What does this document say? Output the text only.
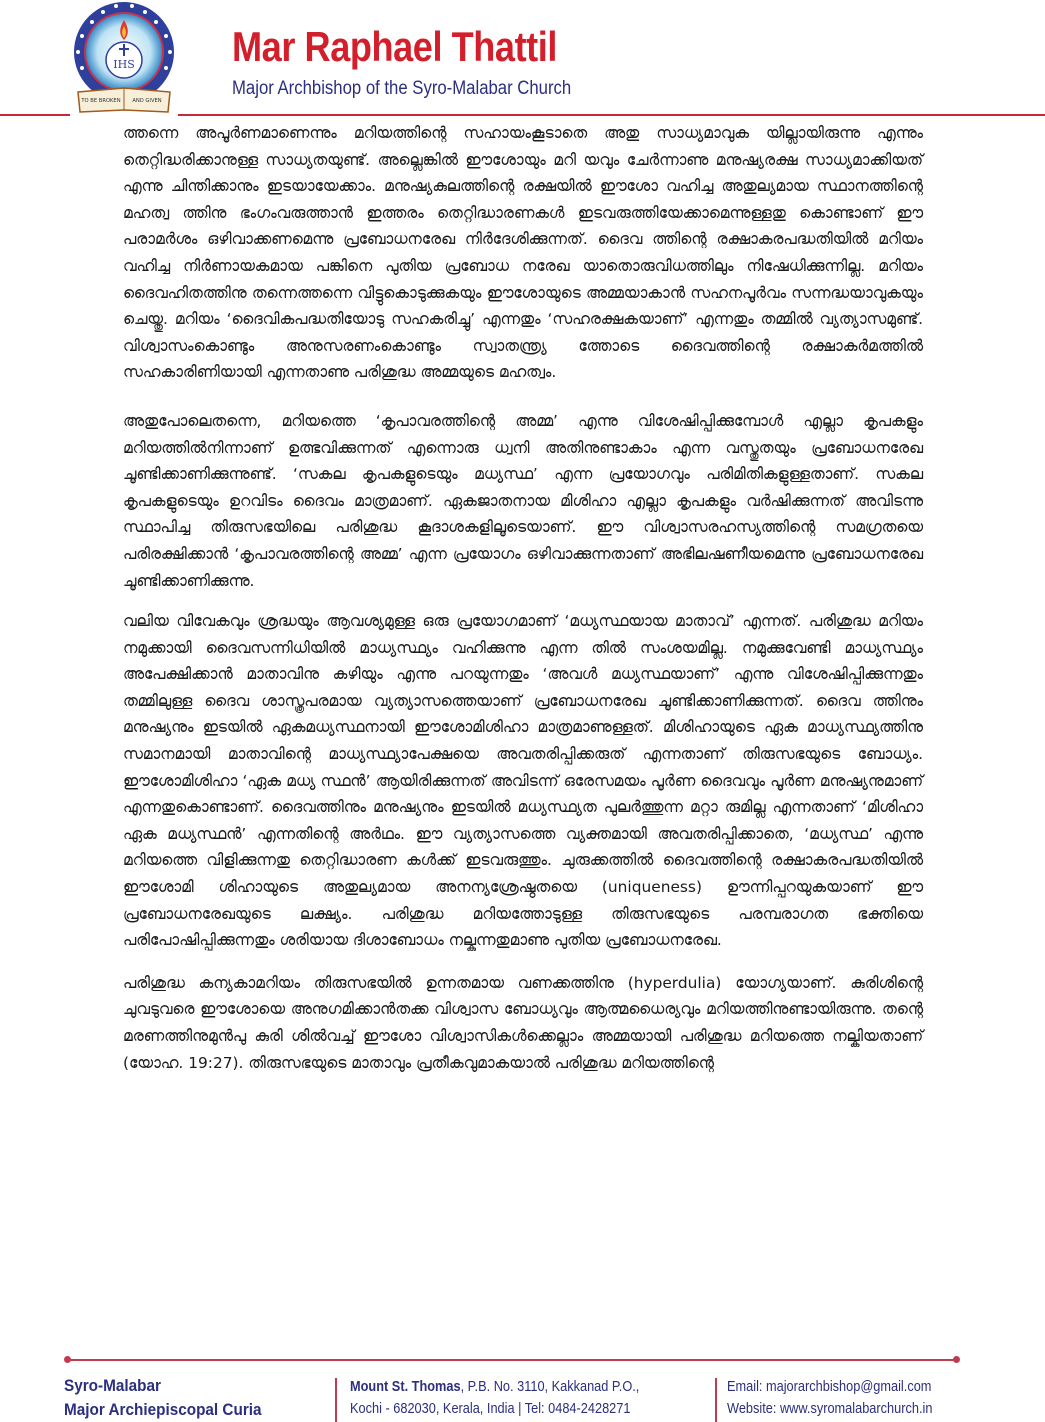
IHS
TO BE BROKEN AND GIVEN
Mar Raphael Thattil
Major Archbishop of the Syro-Malabar Church

ത്തന്നെ അപൂർണമാണെന്നും മറിയത്തിന്റെ സഹായംകൂടാതെ അതു സാധ്യമാവുക യില്ലായിരുന്നു എന്നും തെറ്റിദ്ധരിക്കാനുള്ള സാധ്യതയുണ്ട്. അല്ലെങ്കിൽ ഈശോയും മറി യവും ചേർന്നാണു മനുഷ്യരക്ഷ സാധ്യമാക്കിയത് എന്നു ചിന്തിക്കാനും ഇടയായേക്കാം. മനുഷ്യകുലത്തിന്റെ രക്ഷയിൽ ഈശോ വഹിച്ച അതുല്യമായ സ്ഥാനത്തിന്റെ മഹത്വ ത്തിനു ഭംഗംവരുത്താൻ ഇത്തരം തെറ്റിദ്ധാരണകൾ ഇടവരുത്തിയേക്കാമെന്നുള്ളതു കൊണ്ടാണ് ഈ പരാമർശം ഒഴിവാക്കണമെന്നു പ്രബോധനരേഖ നിർദേശിക്കുന്നത്. ദൈവ ത്തിന്റെ രക്ഷാകരപദ്ധതിയിൽ മറിയം വഹിച്ച നിർണായകമായ പങ്കിനെ പുതിയ പ്രബോധ നരേഖ യാതൊരുവിധത്തിലും നിഷേധിക്കുന്നില്ല. മറിയം ദൈവഹിതത്തിനു തന്നെത്തന്നെ വിട്ടുകൊടുക്കുകയും ഈശോയുടെ അമ്മയാകാൻ സഹനപൂർവം സന്നദ്ധയാവുകയും ചെയ്തു. മറിയം ‘ദൈവികപദ്ധതിയോടു സഹകരിച്ചു’ എന്നതും ‘സഹരക്ഷകയാണ്’ എന്നതും തമ്മിൽ വ്യത്യാസമുണ്ട്. വിശ്വാസംകൊണ്ടും അനുസരണംകൊണ്ടും സ്വാതന്ത്ര്യ ത്തോടെ ദൈവത്തിന്റെ രക്ഷാകർമത്തിൽ സഹകാരിണിയായി എന്നതാണു പരിശുദ്ധ അമ്മയുടെ മഹത്വം.

അതുപോലെതന്നെ, മറിയത്തെ ‘കൃപാവരത്തിന്റെ അമ്മ’ എന്നു വിശേഷിപ്പിക്കുമ്പോൾ എല്ലാ കൃപകളും മറിയത്തിൽനിന്നാണ് ഉത്ഭവിക്കുന്നത് എന്നൊരു ധ്വനി അതിനുണ്ടാകാം എന്ന വസ്തുതയും പ്രബോധനരേഖ ചൂണ്ടിക്കാണിക്കുന്നുണ്ട്. ‘സകല കൃപകളുടെയും മധ്യസ്ഥ’ എന്ന പ്രയോഗവും പരിമിതികളുള്ളതാണ്. സകല കൃപകളുടെയും ഉറവിടം ദൈവം മാത്രമാണ്. ഏകജാതനായ മിശിഹാ എല്ലാ കൃപകളും വർഷിക്കുന്നത് അവിടന്നു സ്ഥാപിച്ച തിരുസഭയിലെ പരിശുദ്ധ കൂദാശകളിലൂടെയാണ്. ഈ വിശ്വാസരഹസ്യത്തിന്റെ സമഗ്രതയെ പരിരക്ഷിക്കാൻ ‘കൃപാവരത്തിന്റെ അമ്മ’ എന്ന പ്രയോഗം ഒഴിവാക്കുന്നതാണ് അഭിലഷണീയമെന്നു പ്രബോധനരേഖ ചൂണ്ടിക്കാണിക്കുന്നു.

വലിയ വിവേകവും ശ്രദ്ധയും ആവശ്യമുള്ള ഒരു പ്രയോഗമാണ് ‘മധ്യസ്ഥയായ മാതാവ്’ എന്നത്. പരിശുദ്ധ മറിയം നമുക്കായി ദൈവസന്നിധിയിൽ മാധ്യസ്ഥ്യം വഹിക്കുന്നു എന്ന തിൽ സംശയമില്ല. നമുക്കുവേണ്ടി മാധ്യസ്ഥ്യം അപേക്ഷിക്കാൻ മാതാവിനു കഴിയും എന്നു പറയുന്നതും ‘അവൾ മധ്യസ്ഥയാണ്’ എന്നു വിശേഷിപ്പിക്കുന്നതും തമ്മിലുള്ള ദൈവ ശാസ്ത്രപരമായ വ്യത്യാസത്തെയാണ് പ്രബോധനരേഖ ചൂണ്ടിക്കാണിക്കുന്നത്. ദൈവ ത്തിനും മനുഷ്യനും ഇടയിൽ ഏകമധ്യസ്ഥനായി ഈശോമിശിഹാ മാത്രമാണുള്ളത്. മിശിഹായുടെ ഏക മാധ്യസ്ഥ്യത്തിനു സമാനമായി മാതാവിന്റെ മാധ്യസ്ഥ്യാപേക്ഷയെ അവതരിപ്പിക്കരുത് എന്നതാണ് തിരുസഭയുടെ ബോധ്യം. ഈശോമിശിഹാ ‘ഏക മധ്യ സ്ഥൻ’ ആയിരിക്കുന്നത് അവിടന്ന് ഒരേസമയം പൂർണ ദൈവവും പൂർണ മനുഷ്യനുമാണ് എന്നതുകൊണ്ടാണ്. ദൈവത്തിനും മനുഷ്യനും ഇടയിൽ മധ്യസ്ഥ്യത പുലർത്തുന്ന മറ്റാ രുമില്ല എന്നതാണ് ‘മിശിഹാ ഏക മധ്യസ്ഥൻ’ എന്നതിന്റെ അർഥം. ഈ വ്യത്യാസത്തെ വ്യക്തമായി അവതരിപ്പിക്കാതെ, ‘മധ്യസ്ഥ’ എന്നു മറിയത്തെ വിളിക്കുന്നതു തെറ്റിദ്ധാരണ കൾക്ക് ഇടവരുത്തും. ചുരുക്കത്തിൽ ദൈവത്തിന്റെ രക്ഷാകരപദ്ധതിയിൽ ഈശോമി ശിഹായുടെ അതുല്യമായ അനന്യശ്രേഷ്ഠതയെ (uniqueness) ഊന്നിപ്പറയുകയാണ് ഈ പ്രബോധനരേഖയുടെ ലക്ഷ്യം. പരിശുദ്ധ മറിയത്തോടുള്ള തിരുസഭയുടെ പരമ്പരാഗത ഭക്തിയെ പരിപോഷിപ്പിക്കുന്നതും ശരിയായ ദിശാബോധം നല്കുന്നതുമാണു പുതിയ പ്രബോധനരേഖ.

പരിശുദ്ധ കന്യകാമറിയം തിരുസഭയിൽ ഉന്നതമായ വണക്കത്തിനു (hyperdulia) യോഗ്യയാണ്. കുരിശിന്റെ ചുവടുവരെ ഈശോയെ അനുഗമിക്കാൻതക്ക വിശ്വാസ ബോധ്യവും ആത്മധൈര്യവും മറിയത്തിനുണ്ടായിരുന്നു. തന്റെ മരണത്തിനുമുൻപു കുരി ശിൽവച്ച് ഈശോ വിശ്വാസികൾക്കെല്ലാം അമ്മയായി പരിശുദ്ധ മറിയത്തെ നല്കിയതാണ് (യോഹ. 19:27). തിരുസഭയുടെ മാതാവും പ്രതീകവുമാകയാൽ പരിശുദ്ധ മറിയത്തിന്റെ

Syro-Malabar
Major Archiepiscopal Curia
Mount St. Thomas, P.B. No. 3110, Kakkanad P.O.,
Kochi - 682030, Kerala, India | Tel: 0484-2428271
Email: majorarchbishop@gmail.com
Website: www.syromalabarchurch.in
